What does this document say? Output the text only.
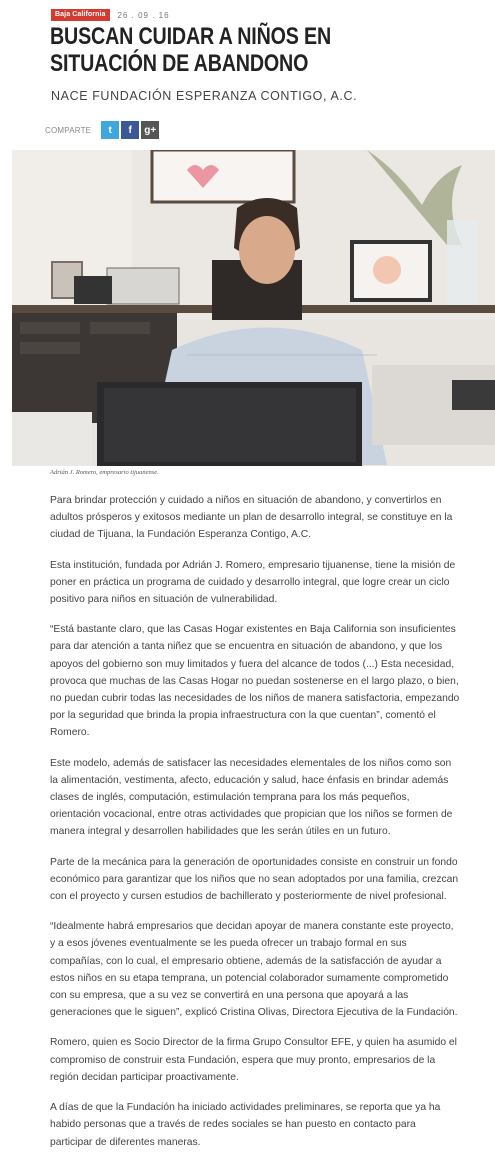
Baja California	26 . 09 . 16
BUSCAN CUIDAR A NIÑOS EN SITUACIÓN DE ABANDONO
NACE FUNDACIÓN ESPERANZA CONTIGO, A.C.
COMPARTE t f g+
Adrián J. Romero, empresario tijuanense.

Para brindar protección y cuidado a niños en situación de abandono, y convertirlos en adultos prósperos y exitosos mediante un plan de desarrollo integral, se constituye en la ciudad de Tijuana, la Fundación Esperanza Contigo, A.C.

Esta institución, fundada por Adrián J. Romero, empresario tijuanense, tiene la misión de poner en práctica un programa de cuidado y desarrollo integral, que logre crear un ciclo positivo para niños en situación de vulnerabilidad.

“Está bastante claro, que las Casas Hogar existentes en Baja California son insuficientes para dar atención a tanta niñez que se encuentra en situación de abandono, y que los apoyos del gobierno son muy limitados y fuera del alcance de todos (...) Esta necesidad, provoca que muchas de las Casas Hogar no puedan sostenerse en el largo plazo, o bien, no puedan cubrir todas las necesidades de los niños de manera satisfactoria, empezando por la seguridad que brinda la propia infraestructura con la que cuentan”, comentó el Romero.

Este modelo, además de satisfacer las necesidades elementales de los niños como son la alimentación, vestimenta, afecto, educación y salud, hace énfasis en brindar además clases de inglés, computación, estimulación temprana para los más pequeños, orientación vocacional, entre otras actividades que propician que los niños se formen de manera integral y desarrollen habilidades que les serán útiles en un futuro.

Parte de la mecánica para la generación de oportunidades consiste en construir un fondo económico para garantizar que los niños que no sean adoptados por una familia, crezcan con el proyecto y cursen estudios de bachillerato y posteriormente de nivel profesional.

“Idealmente habrá empresarios que decidan apoyar de manera constante este proyecto, y a esos jóvenes eventualmente se les pueda ofrecer un trabajo formal en sus compañías, con lo cual, el empresario obtiene, además de la satisfacción de ayudar a estos niños en su etapa temprana, un potencial colaborador sumamente comprometido con su empresa, que a su vez se convertirá en una persona que apoyará a las generaciones que le siguen”, explicó Cristina Olivas, Directora Ejecutiva de la Fundación.

Romero, quien es Socio Director de la firma Grupo Consultor EFE, y quien ha asumido el compromiso de construir esta Fundación, espera que muy pronto, empresarios de la región decidan participar proactivamente.

A días de que la Fundación ha iniciado actividades preliminares, se reporta que ya ha habido personas que a través de redes sociales se han puesto en contacto para participar de diferentes maneras.
